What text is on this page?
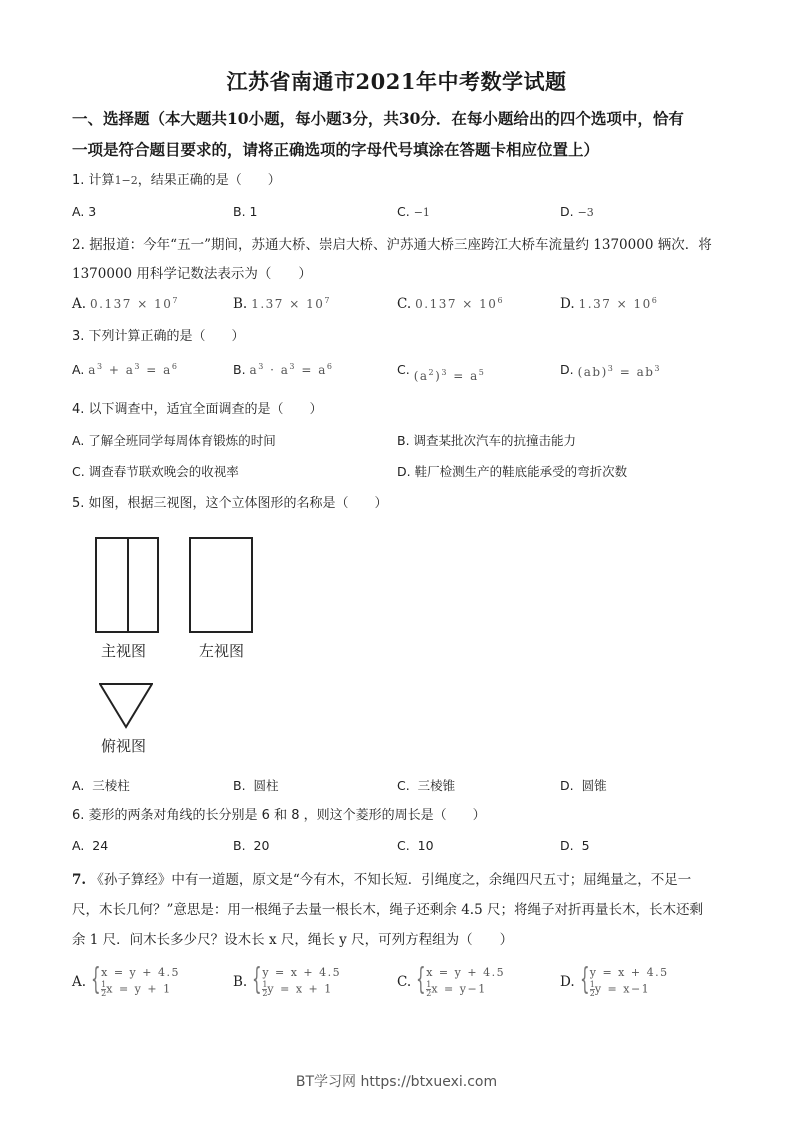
江苏省南通市2021年中考数学试题
一、选择题（本大题共10小题，每小题3分，共30分．在每小题给出的四个选项中，恰有
一项是符合题目要求的，请将正确选项的字母代号填涂在答题卡相应位置上）
1. 计算1−2，结果正确的是（　　）
A. 3	B. 1	C. −1	D. −3
2. 据报道：今年“五一”期间，苏通大桥、崇启大桥、沪苏通大桥三座跨江大桥车流量约 1370000 辆次．将
1370000 用科学记数法表示为（　　）
A. $0.137 \times 10^7$	B. $1.37 \times 10^7$	C. $0.137 \times 10^6$	D. $1.37 \times 10^6$
3. 下列计算正确的是（　　）
A. $a^3 + a^3 = a^6$	B. $a^3 \cdot a^3 = a^6$	C. $(a^2)^3 = a^5$	D. $(ab)^3 = ab^3$
4. 以下调查中，适宜全面调查的是（　　）
A. 了解全班同学每周体育锻炼的时间	B. 调查某批次汽车的抗撞击能力
C. 调查春节联欢晚会的收视率	D. 鞋厂检测生产的鞋底能承受的弯折次数
5. 如图，根据三视图，这个立体图形的名称是（　　）
主视图	左视图
俯视图
A. 三棱柱	B. 圆柱	C. 三棱锥	D. 圆锥
6. 菱形的两条对角线的长分别是 6 和 8 ，则这个菱形的周长是（　　）
A. 24	B. 20	C. 10	D. 5
7. 《孙子算经》中有一道题，原文是“今有木，不知长短．引绳度之，余绳四尺五寸；屈绳量之，不足一
尺，木长几何？”意思是：用一根绳子去量一根长木，绳子还剩余 4.5 尺；将绳子对折再量长木，长木还剩
余 1 尺．问木长多少尺？设木长 x 尺，绳长 y 尺，可列方程组为（　　）
A. { x = y + 4.5
$\frac{1}{2}x = y + 1$	B. { y = x + 4.5
$\frac{1}{2}y = x + 1$	C. { x = y + 4.5
$\frac{1}{2}x = y-1$	D. { y = x + 4.5
$\frac{1}{2}y = x-1$
BT学习网 https://btxuexi.com
